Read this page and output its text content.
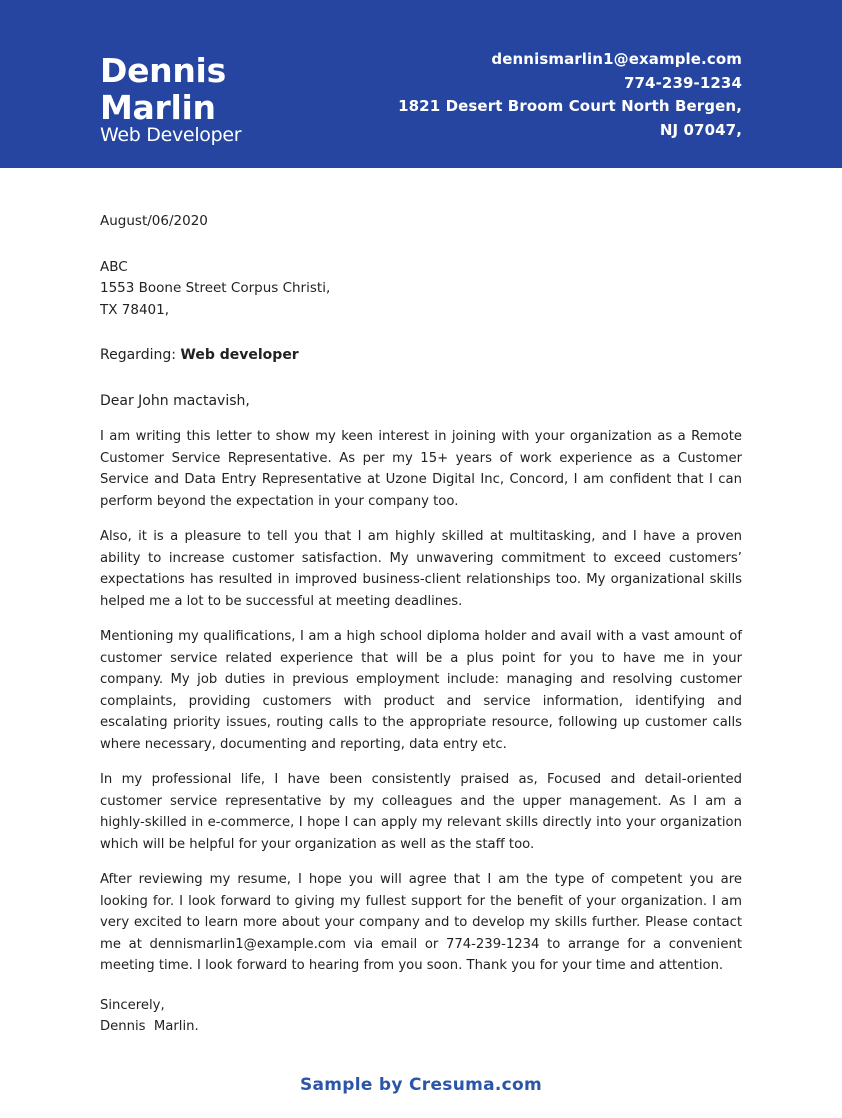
Dennis
Marlin
Web Developer
dennismarlin1@example.com
774-239-1234
1821 Desert Broom Court North Bergen,
NJ 07047,
August/06/2020
ABC
1553 Boone Street Corpus Christi,
TX 78401,
Regarding: Web developer
Dear John mactavish,

I am writing this letter to show my keen interest in joining with your organization as a Remote Customer Service Representative. As per my 15+ years of work experience as a Customer Service and Data Entry Representative at Uzone Digital Inc, Concord, I am confident that I can perform beyond the expectation in your company too.

Also, it is a pleasure to tell you that I am highly skilled at multitasking, and I have a proven ability to increase customer satisfaction. My unwavering commitment to exceed customers’ expectations has resulted in improved business-client relationships too. My organizational skills helped me a lot to be successful at meeting deadlines.

Mentioning my qualifications, I am a high school diploma holder and avail with a vast amount of customer service related experience that will be a plus point for you to have me in your company. My job duties in previous employment include: managing and resolving customer complaints, providing customers with product and service information, identifying and escalating priority issues, routing calls to the appropriate resource, following up customer calls where necessary, documenting and reporting, data entry etc.

In my professional life, I have been consistently praised as, Focused and detail-oriented customer service representative by my colleagues and the upper management. As I am a highly-skilled in e-commerce, I hope I can apply my relevant skills directly into your organization which will be helpful for your organization as well as the staff too.

After reviewing my resume, I hope you will agree that I am the type of competent you are looking for. I look forward to giving my fullest support for the benefit of your organization. I am very excited to learn more about your company and to develop my skills further. Please contact me at dennismarlin1@example.com via email or 774-239-1234 to arrange for a convenient meeting time. I look forward to hearing from you soon. Thank you for your time and attention.

Sincerely,
Dennis  Marlin.
Sample by Cresuma.com
